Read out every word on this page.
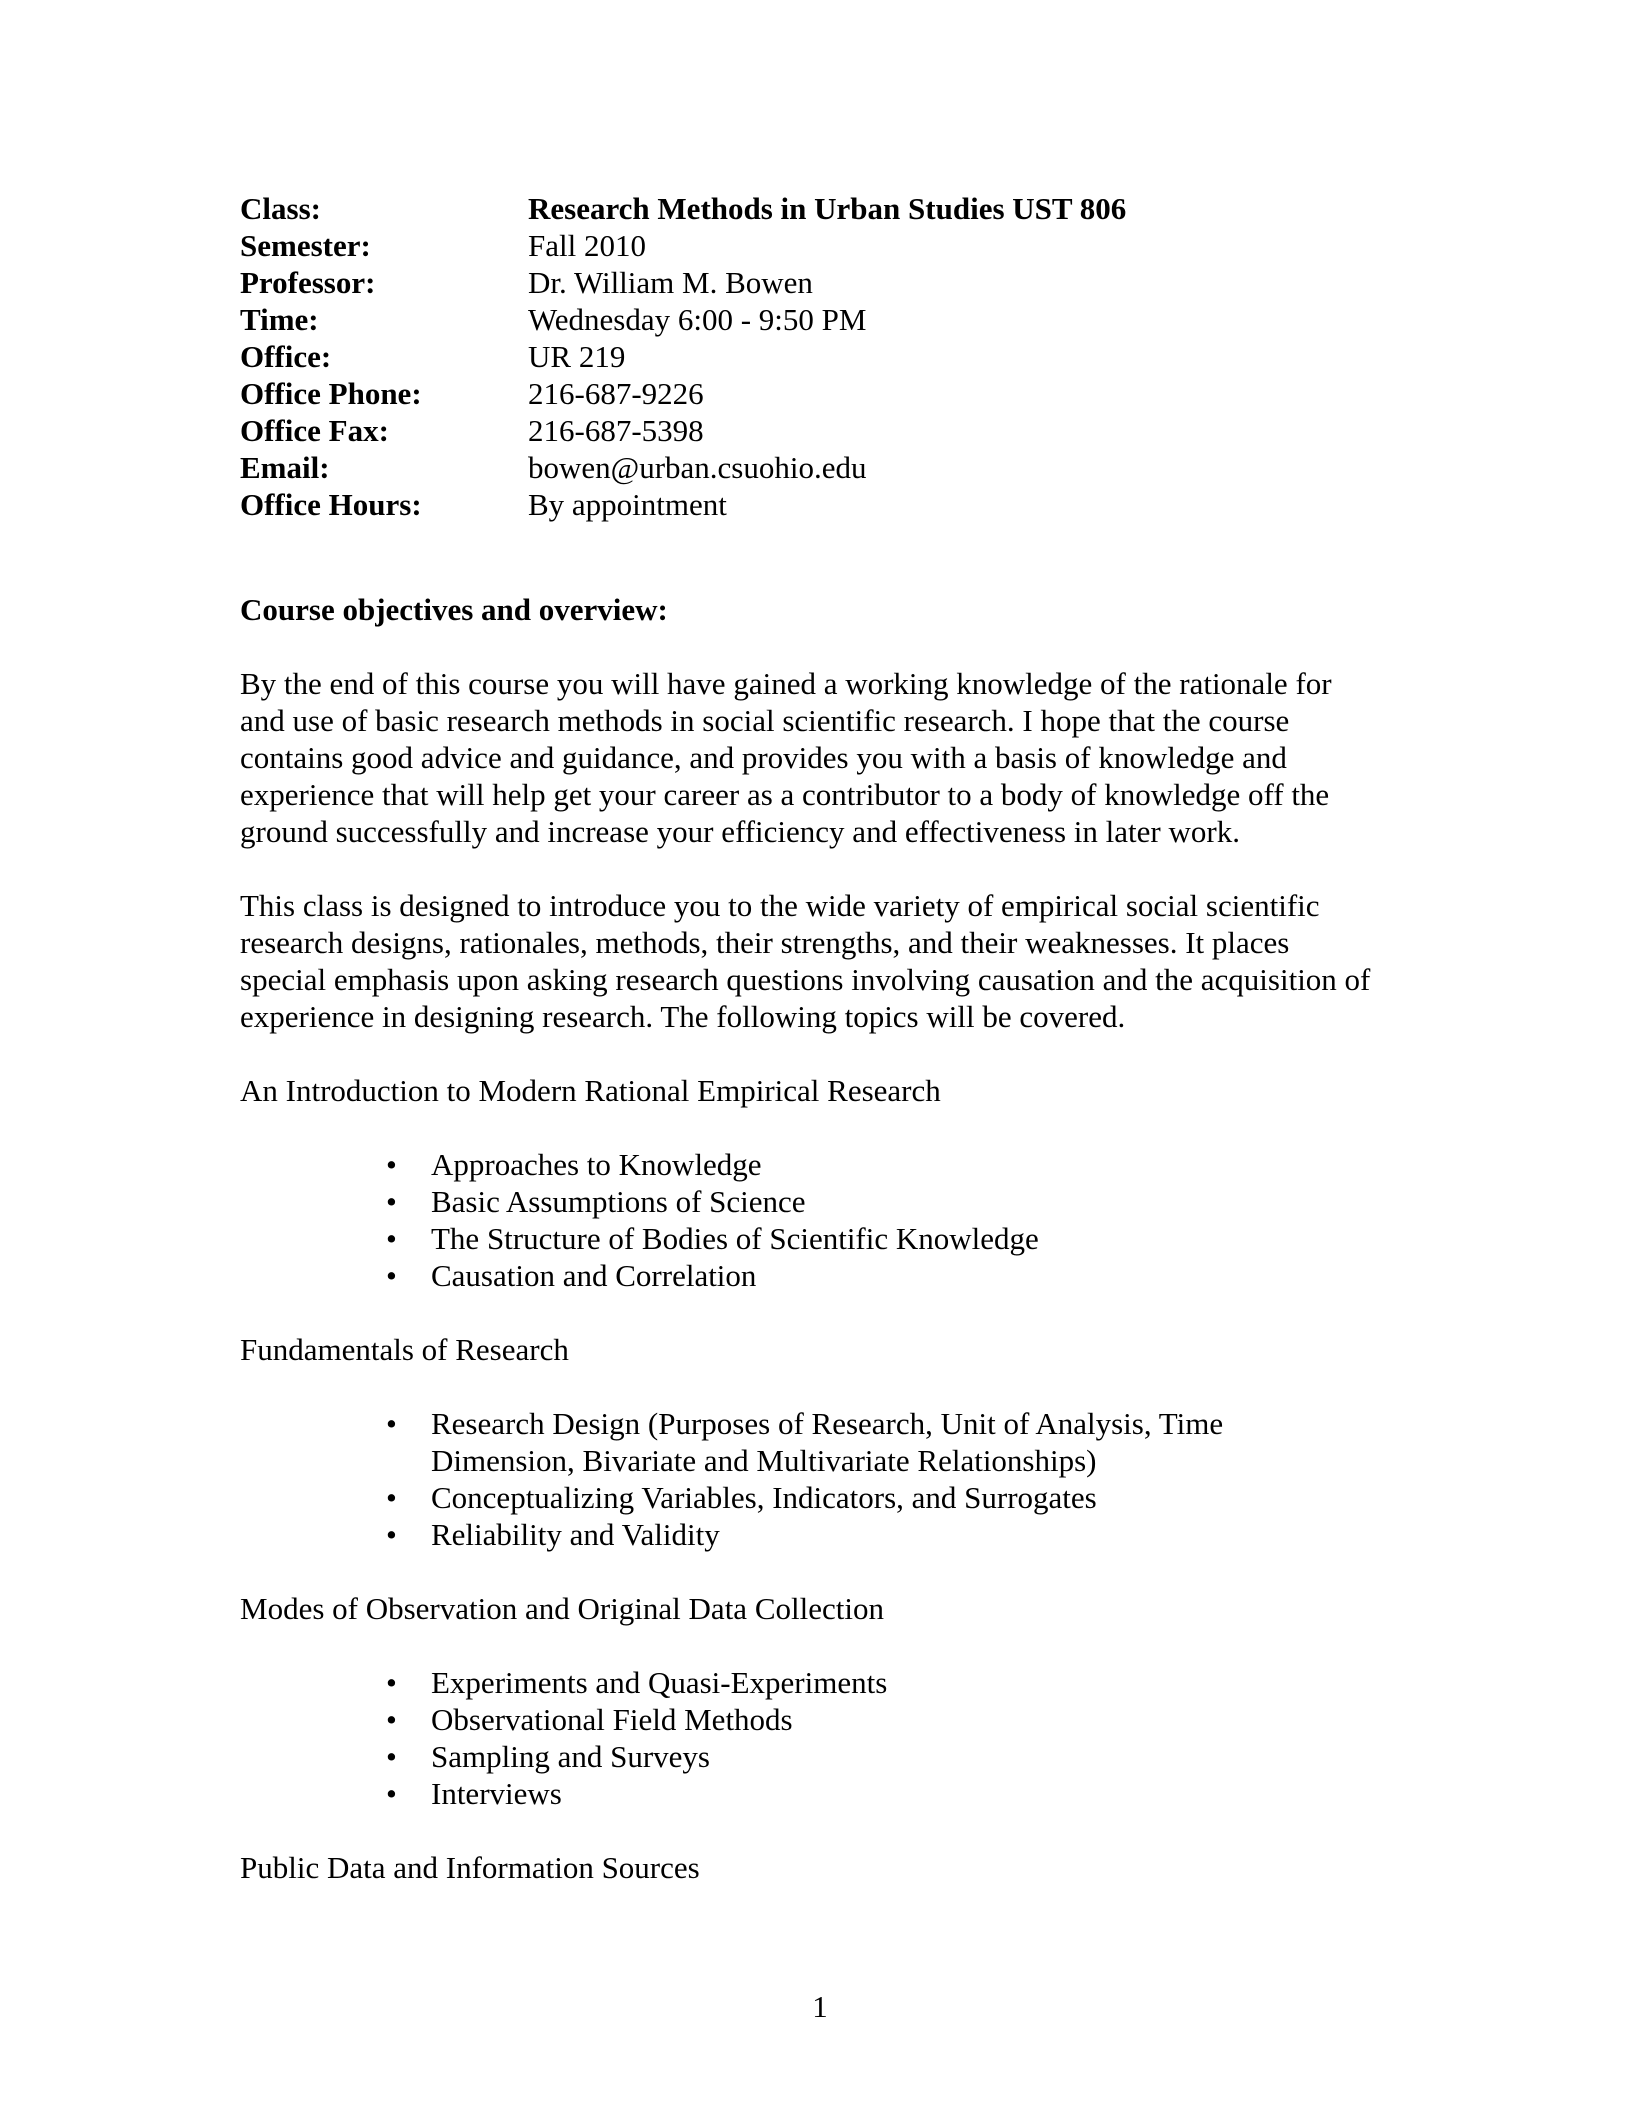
Class:	Research Methods in Urban Studies UST 806
Semester:	Fall 2010
Professor:	Dr. William M. Bowen
Time:	Wednesday 6:00 - 9:50 PM
Office:	UR 219
Office Phone:	216-687-9226
Office Fax:	216-687-5398
Email:	bowen@urban.csuohio.edu
Office Hours:	By appointment
Course objectives and overview:
By the end of this course you will have gained a working knowledge of the rationale for and use of basic research methods in social scientific research. I hope that the course contains good advice and guidance, and provides you with a basis of knowledge and experience that will help get your career as a contributor to a body of knowledge off the ground successfully and increase your efficiency and effectiveness in later work.
This class is designed to introduce you to the wide variety of empirical social scientific research designs, rationales, methods, their strengths, and their weaknesses. It places special emphasis upon asking research questions involving causation and the acquisition of experience in designing research. The following topics will be covered.
An Introduction to Modern Rational Empirical Research
• Approaches to Knowledge
• Basic Assumptions of Science
• The Structure of Bodies of Scientific Knowledge
• Causation and Correlation
Fundamentals of Research
• Research Design (Purposes of Research, Unit of Analysis, Time Dimension, Bivariate and Multivariate Relationships)
• Conceptualizing Variables, Indicators, and Surrogates
• Reliability and Validity
Modes of Observation and Original Data Collection
• Experiments and Quasi-Experiments
• Observational Field Methods
• Sampling and Surveys
• Interviews
Public Data and Information Sources
1
